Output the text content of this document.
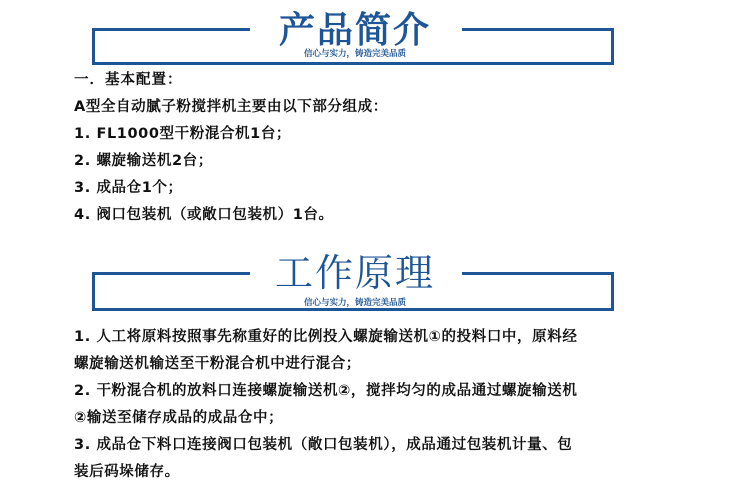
产品简介
信心与实力，铸造完美品质
一．基本配置：
A型全自动腻子粉搅拌机主要由以下部分组成：
1. FL1000型干粉混合机1台；
2. 螺旋输送机2台；
3. 成品仓1个；
4. 阀口包装机（或敞口包装机）1台。
工作原理
信心与实力，铸造完美品质
1. 人工将原料按照事先称重好的比例投入螺旋输送机①的投料口中，原料经
螺旋输送机输送至干粉混合机中进行混合；
2. 干粉混合机的放料口连接螺旋输送机②，搅拌均匀的成品通过螺旋输送机
②输送至储存成品的成品仓中；
3. 成品仓下料口连接阀口包装机（敞口包装机），成品通过包装机计量、包
装后码垛储存。
